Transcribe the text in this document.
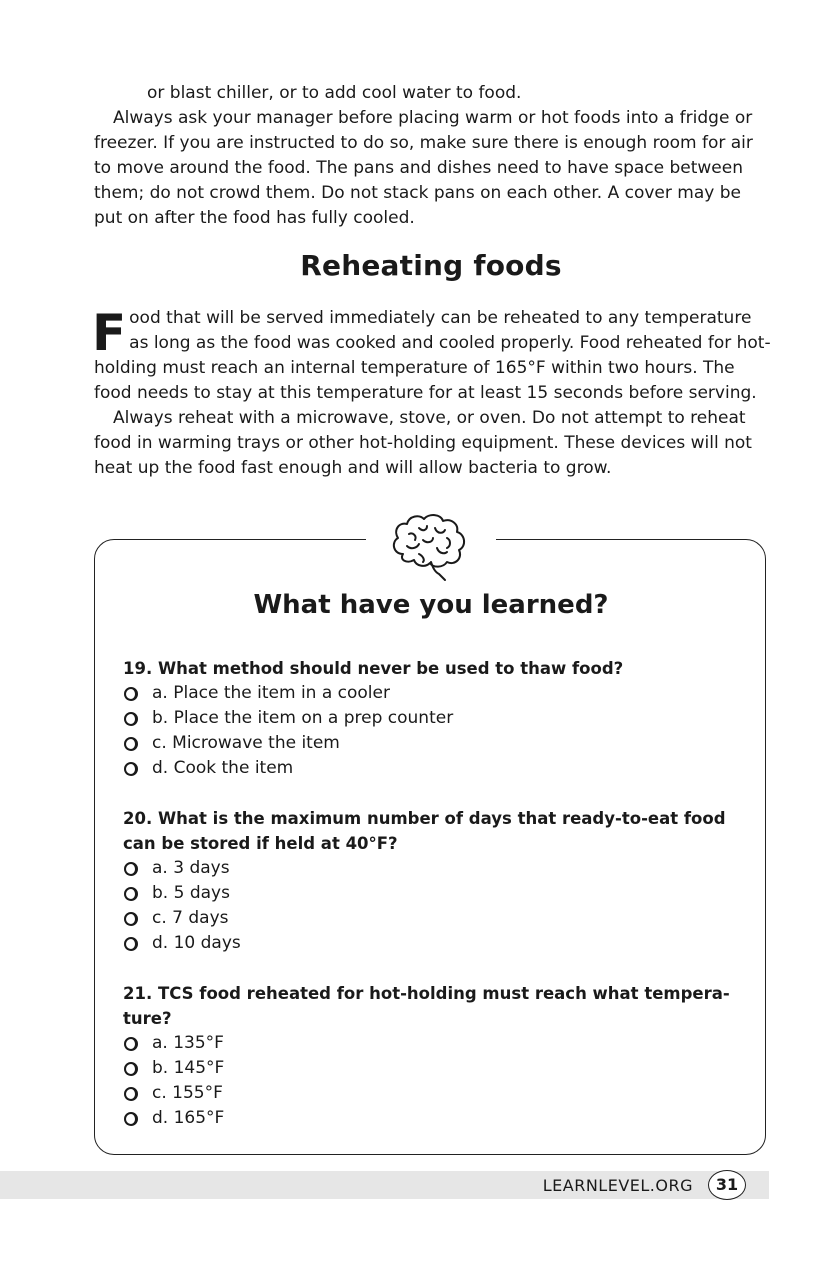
or blast chiller, or to add cool water to food.
Always ask your manager before placing warm or hot foods into a fridge or freezer. If you are instructed to do so, make sure there is enough room for air to move around the food. The pans and dishes need to have space between them; do not crowd them. Do not stack pans on each other. A cover may be put on after the food has fully cooled.
Reheating foods
Food that will be served immediately can be reheated to any temperature as long as the food was cooked and cooled properly. Food reheated for hot-holding must reach an internal temperature of 165°F within two hours. The food needs to stay at this temperature for at least 15 seconds before serving.
Always reheat with a microwave, stove, or oven. Do not attempt to reheat food in warming trays or other hot-holding equipment. These devices will not heat up the food fast enough and will allow bacteria to grow.
What have you learned?

19. What method should never be used to thaw food?

a. Place the item in a cooler
b. Place the item on a prep counter
c. Microwave the item
d. Cook the item

20. What is the maximum number of days that ready-to-eat food can be stored if held at 40°F?

a. 3 days
b. 5 days
c. 7 days
d. 10 days

21. TCS food reheated for hot-holding must reach what tempera-ture?

a. 135°F
b. 145°F
c. 155°F
d. 165°F
LEARNLEVEL.ORG	31
